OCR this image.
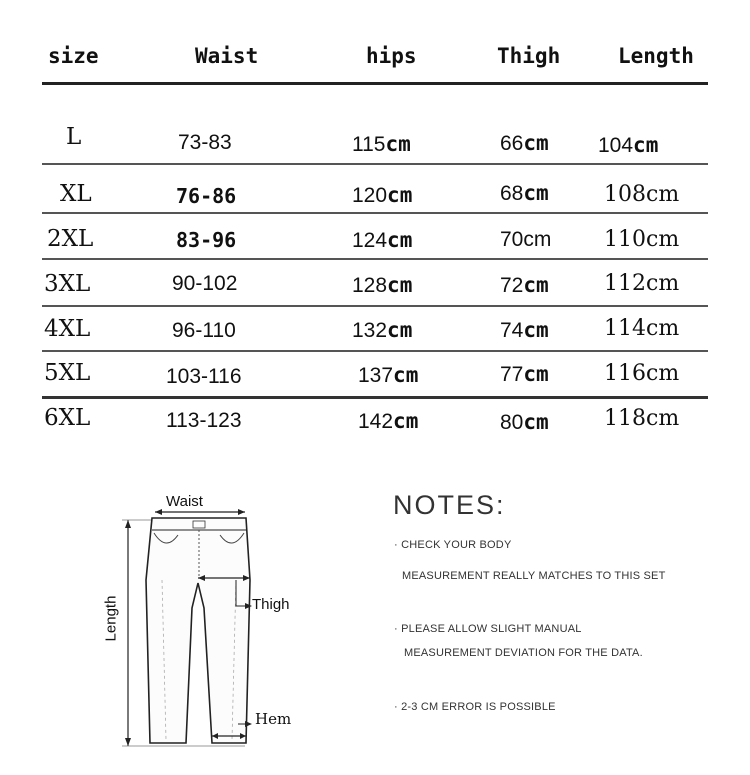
size	Waist	hips	Thigh	Length
L	73-83	115cm	66cm 104cm
XL	76-86	120cm	68cm	108cm
2XL	83-96	124cm	70cm 110cm
3XL	90-102	128cm	72cm	112cm
4XL	96-110	132cm	74cm	114cm
5XL	103-116	137cm	77cm	116cm
6XL	113-123	142cm	80cm	118cm
Waist
Thigh
Length
Hem
NOTES:
· CHECK YOUR BODY
MEASUREMENT REALLY MATCHES TO THIS SET
· PLEASE ALLOW SLIGHT MANUAL
MEASUREMENT DEVIATION FOR THE DATA.
· 2-3 CM ERROR IS POSSIBLE
